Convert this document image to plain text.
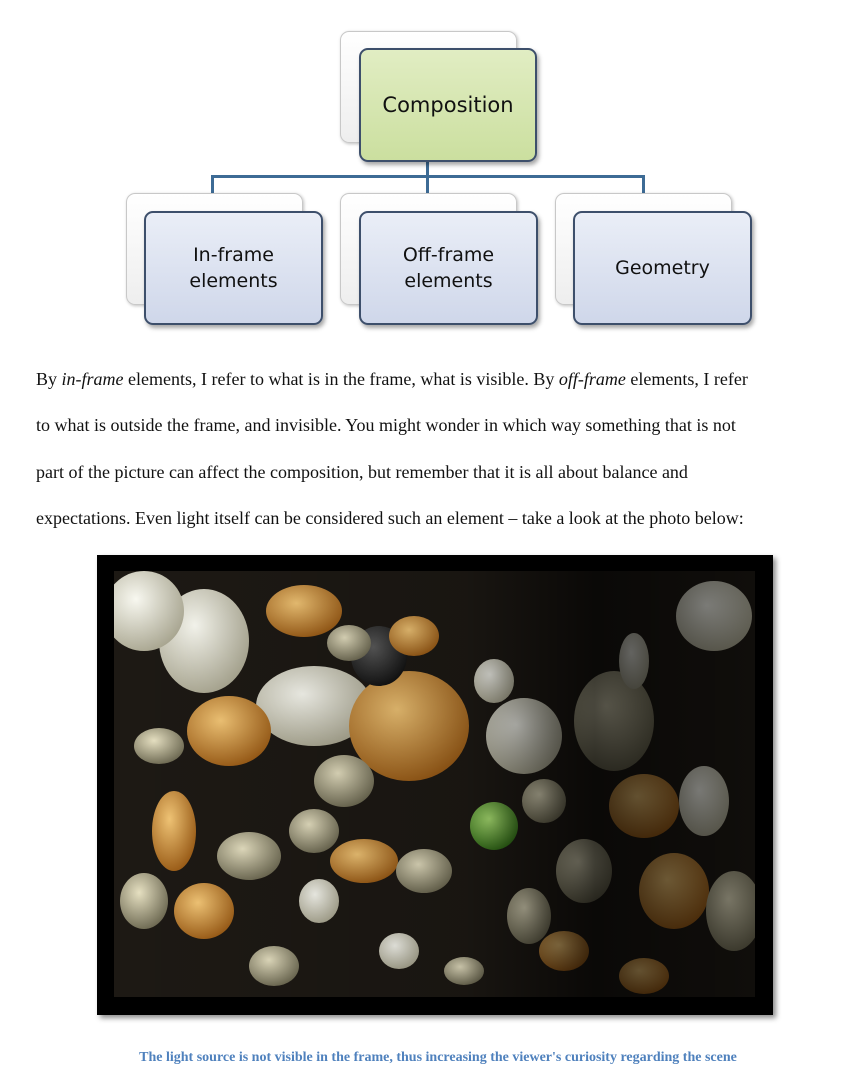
Composition
In-frame
elements
Off-frame
elements
Geometry

By in-frame elements, I refer to what is in the frame, what is visible. By off-frame elements, I refer
to what is outside the frame, and invisible. You might wonder in which way something that is not
part of the picture can affect the composition, but remember that it is all about balance and
expectations. Even light itself can be considered such an element – take a look at the photo below:

The light source is not visible in the frame, thus increasing the viewer's curiosity regarding the scene
